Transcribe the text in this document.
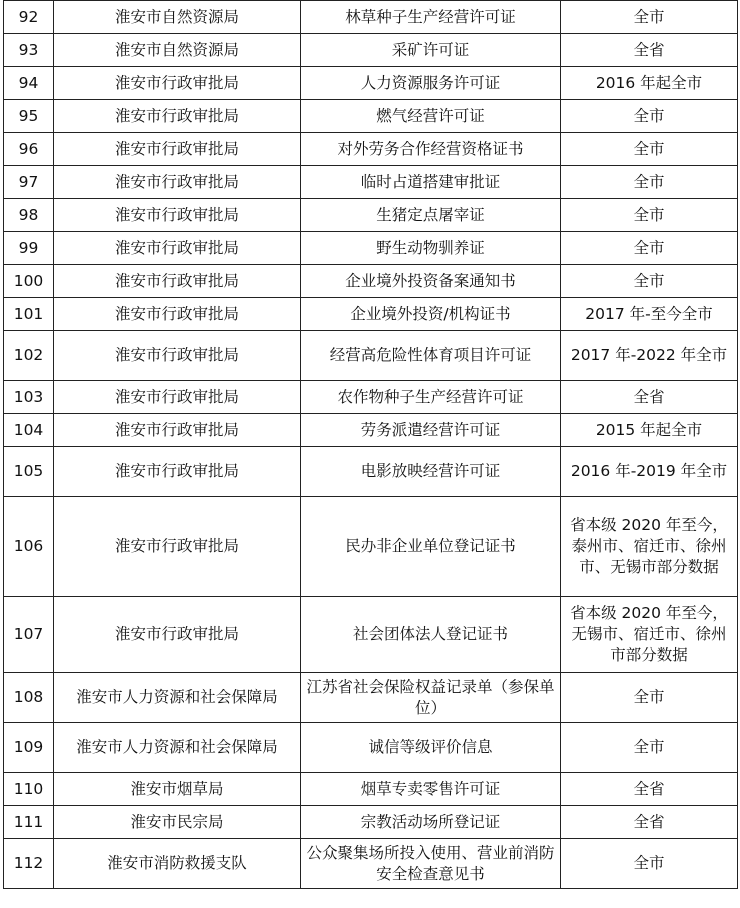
92	淮安市自然资源局	林草种子生产经营许可证	全市
93	淮安市自然资源局	采矿许可证	全省
94	淮安市行政审批局	人力资源服务许可证	2016 年起全市
95	淮安市行政审批局	燃气经营许可证	全市
96	淮安市行政审批局	对外劳务合作经营资格证书	全市
97	淮安市行政审批局	临时占道搭建审批证	全市
98	淮安市行政审批局	生猪定点屠宰证	全市
99	淮安市行政审批局	野生动物驯养证	全市
100	淮安市行政审批局	企业境外投资备案通知书	全市
101	淮安市行政审批局	企业境外投资/机构证书	2017 年-至今全市
102	淮安市行政审批局	经营高危险性体育项目许可证	2017 年-2022 年全市
103	淮安市行政审批局	农作物种子生产经营许可证	全省
104	淮安市行政审批局	劳务派遣经营许可证	2015 年起全市
105	淮安市行政审批局	电影放映经营许可证	2016 年-2019 年全市
106	淮安市行政审批局	民办非企业单位登记证书	省本级 2020 年至今，泰州市、宿迁市、徐州市、无锡市部分数据
107	淮安市行政审批局	社会团体法人登记证书	省本级 2020 年至今，无锡市、宿迁市、徐州市部分数据
108	淮安市人力资源和社会保障局	江苏省社会保险权益记录单（参保单位）	全市
109	淮安市人力资源和社会保障局	诚信等级评价信息	全市
110	淮安市烟草局	烟草专卖零售许可证	全省
111	淮安市民宗局	宗教活动场所登记证	全省
112	淮安市消防救援支队	公众聚集场所投入使用、营业前消防安全检查意见书	全市
